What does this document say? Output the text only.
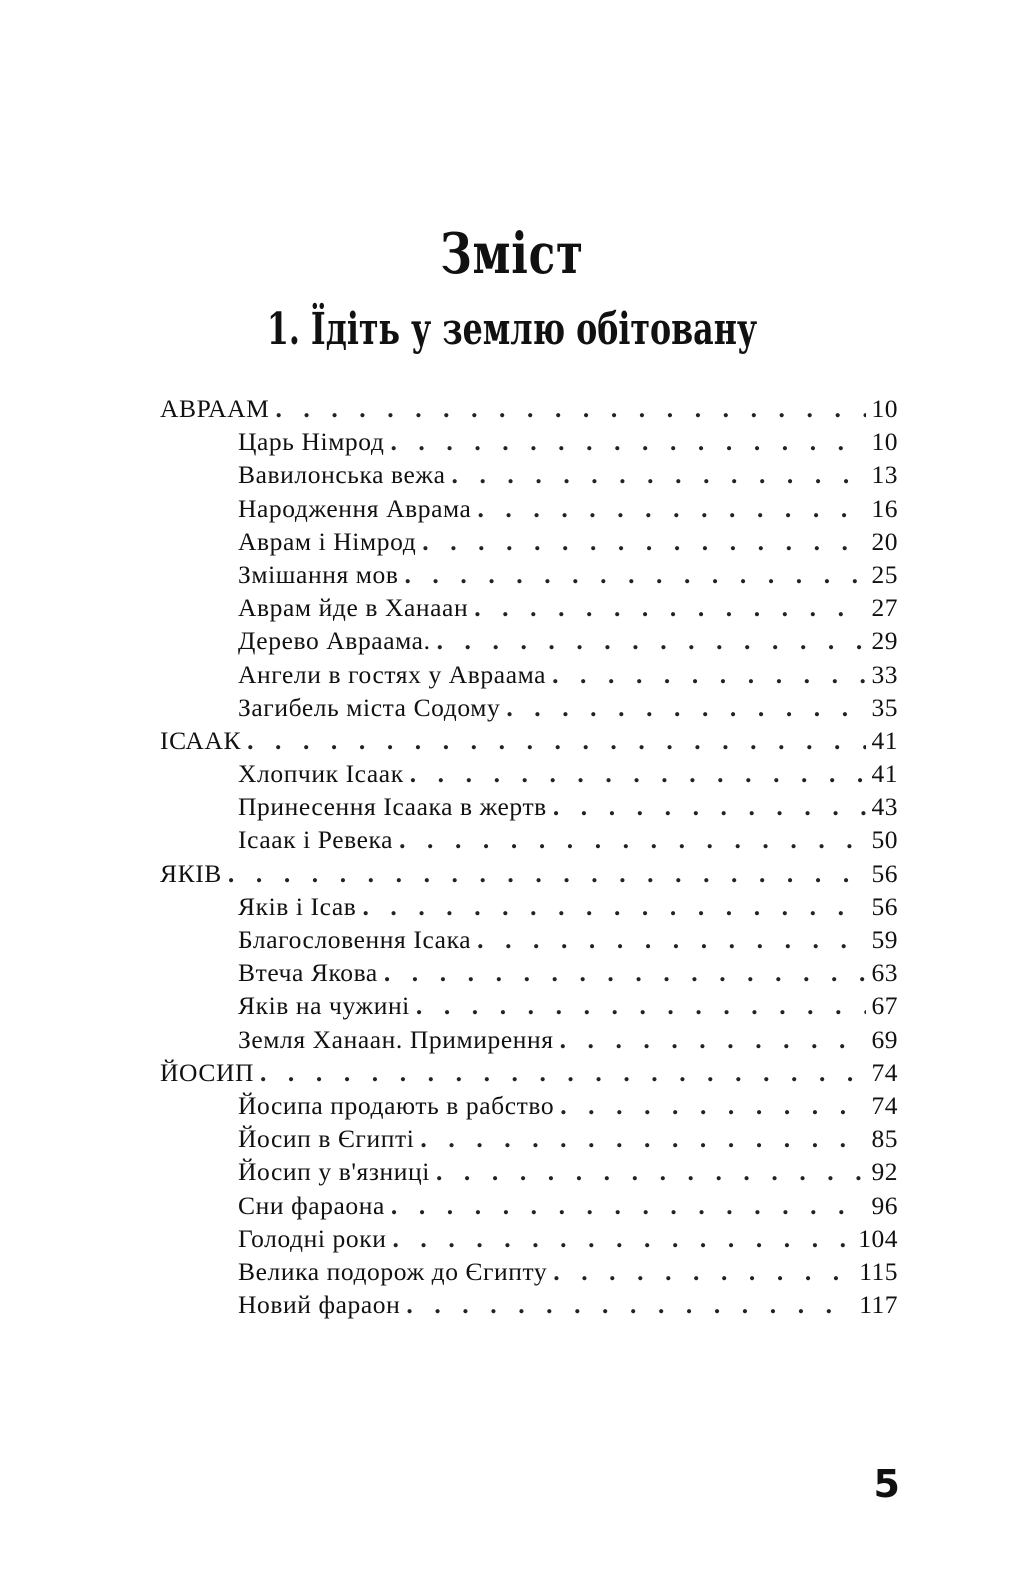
Зміст
1. Їдіть у землю обітовану
АВРААМ . . .	10
Царь Німрод . . .	10
Вавилонська вежа . . .	13
Народження Аврама . . .	16
Аврам і Німрод . . .	20
Змішання мов . . .	25
Аврам йде в Ханаан . . .	27
Дерево Авраама. . . .	29
Ангели в гостях у Авраама . . .	33
Загибель міста Содому . . .	35
ІСААК . . .	41
Хлопчик Ісаак . . .	41
Принесення Ісаака в жертв . . .	43
Ісаак і Ревека . . .	50
ЯКІВ . . .	56
Яків і Ісав . . .	56
Благословення Ісака . . .	59
Втеча Якова . . .	63
Яків на чужині . . .	67
Земля Ханаан. Примирення . . .	69
ЙОСИП . . .	74
Йосипа продають в рабство . . .	74
Йосип в Єгипті . . .	85
Йосип у в'язниці . . .	92
Сни фараона . . .	96
Голодні роки . . .	104
Велика подорож до Єгипту . . .	115
Новий фараон . . .	117
5
